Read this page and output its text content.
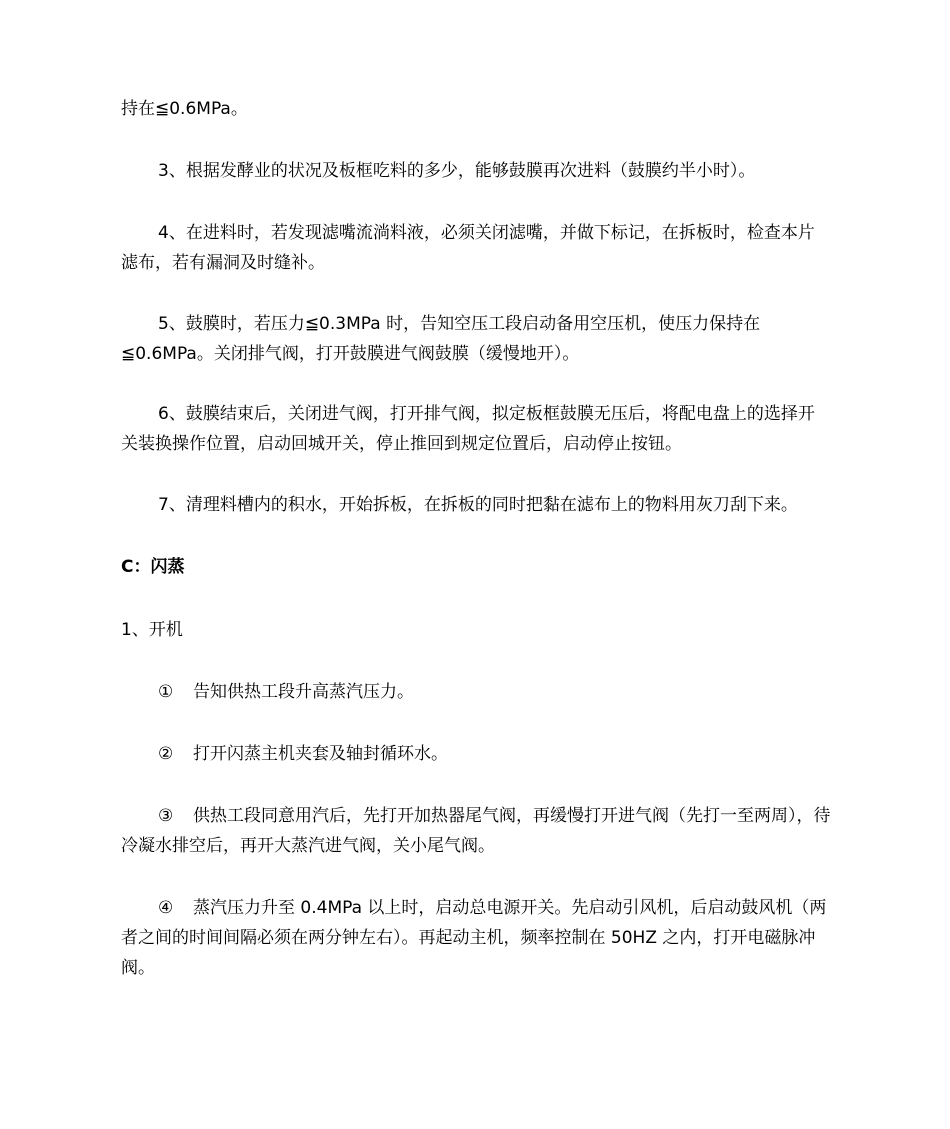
持在≦0.6MPa。

3、根据发酵业的状况及板框吃料的多少，能够鼓膜再次进料（鼓膜约半小时）。

4、在进料时，若发现滤嘴流淌料液，必须关闭滤嘴，并做下标记，在拆板时，检查本片滤布，若有漏洞及时缝补。

5、鼓膜时，若压力≦0.3MPa 时，告知空压工段启动备用空压机，使压力保持在≦0.6MPa。关闭排气阀，打开鼓膜进气阀鼓膜（缓慢地开）。

6、鼓膜结束后，关闭进气阀，打开排气阀，拟定板框鼓膜无压后，将配电盘上的选择开关装换操作位置，启动回城开关，停止推回到规定位置后，启动停止按钮。

7、清理料槽内的积水，开始拆板，在拆板的同时把黏在滤布上的物料用灰刀刮下来。

C：闪蒸

1、开机

① 告知供热工段升高蒸汽压力。

② 打开闪蒸主机夹套及轴封循环水。

③ 供热工段同意用汽后，先打开加热器尾气阀，再缓慢打开进气阀（先打一至两周），待冷凝水排空后，再开大蒸汽进气阀，关小尾气阀。

④ 蒸汽压力升至 0.4MPa 以上时，启动总电源开关。先启动引风机，后启动鼓风机（两者之间的时间间隔必须在两分钟左右）。再起动主机，频率控制在 50HZ 之内，打开电磁脉冲阀。
